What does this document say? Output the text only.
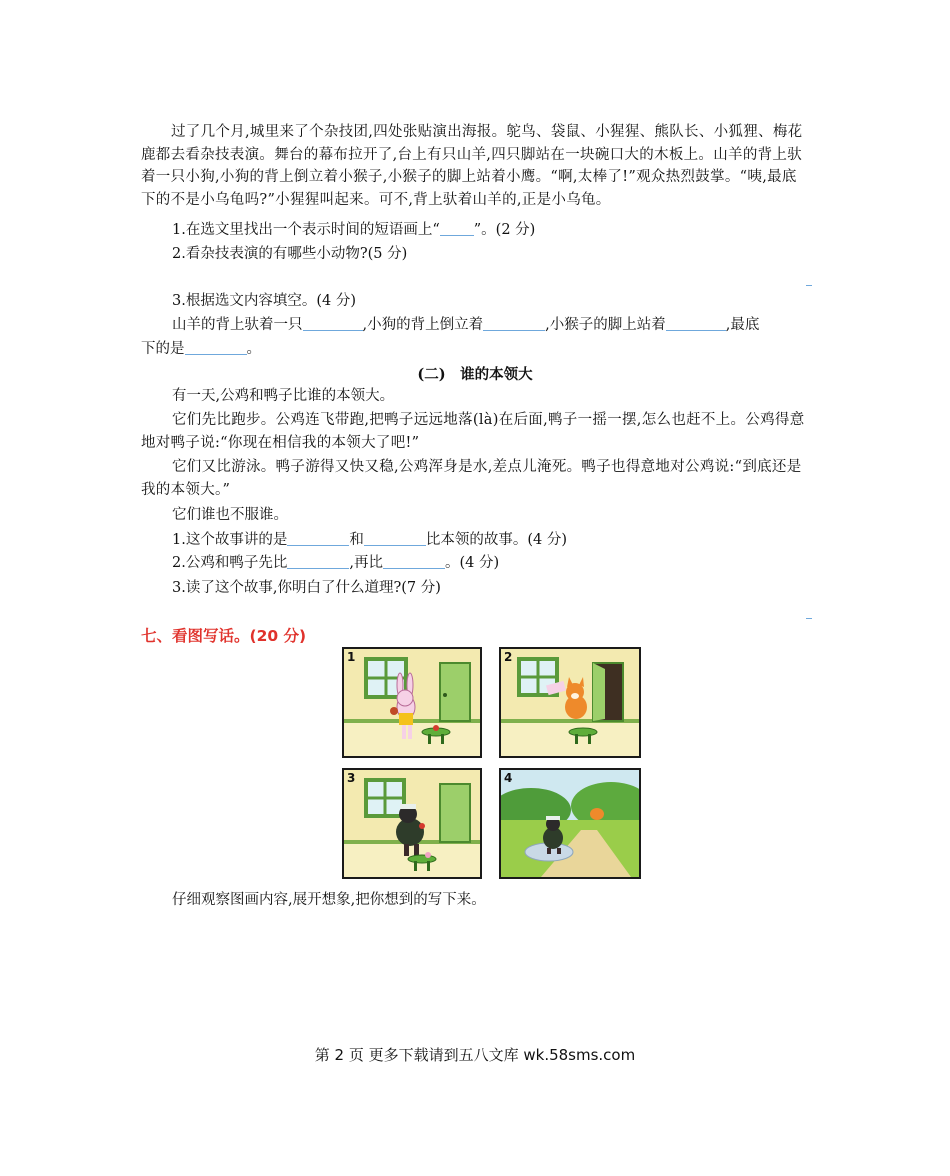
过了几个月,城里来了个杂技团,四处张贴演出海报。鸵鸟、袋鼠、小猩猩、熊队长、小狐狸、梅花鹿都去看杂技表演。舞台的幕布拉开了,台上有只山羊,四只脚站在一块碗口大的木板上。山羊的背上驮着一只小狗,小狗的背上倒立着小猴子,小猴子的脚上站着小鹰。“啊,太棒了!”观众热烈鼓掌。“咦,最底下的不是小乌龟吗?”小猩猩叫起来。可不,背上驮着山羊的,正是小乌龟。
1.在选文里找出一个表示时间的短语画上“ ”。(2 分)
2.看杂技表演的有哪些小动物?(5 分)
3.根据选文内容填空。(4 分)
山羊的背上驮着一只	,小狗的背上倒立着	,小猴子的脚上站着	,最底
下的是	。
(二)　谁的本领大
有一天,公鸡和鸭子比谁的本领大。
它们先比跑步。公鸡连飞带跑,把鸭子远远地落(là)在后面,鸭子一摇一摆,怎么也赶不上。公鸡得意地对鸭子说:“你现在相信我的本领大了吧!”
它们又比游泳。鸭子游得又快又稳,公鸡浑身是水,差点儿淹死。鸭子也得意地对公鸡说:“到底还是我的本领大。”
它们谁也不服谁。
1.这个故事讲的是	和	比本领的故事。(4 分)
2.公鸡和鸭子先比	,再比	。(4 分)
3.读了这个故事,你明白了什么道理?(7 分)
七、看图写话。(20 分)
1	2
3	4
仔细观察图画内容,展开想象,把你想到的写下来。
第 2 页 更多下载请到五八文库 wk.58sms.com
